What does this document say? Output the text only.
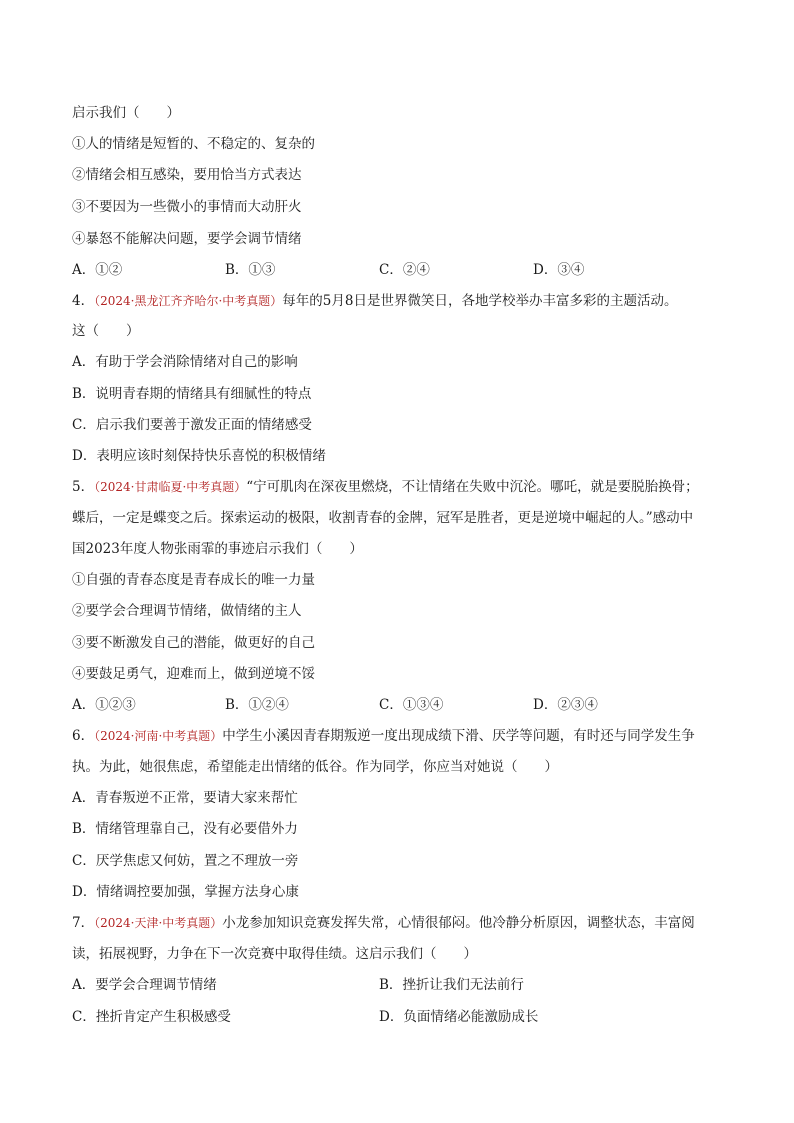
启示我们（　　）
①人的情绪是短暂的、不稳定的、复杂的
②情绪会相互感染，要用恰当方式表达
③不要因为一些微小的事情而大动肝火
④暴怒不能解决问题，要学会调节情绪
A．①②	B．①③	C．②④	D．③④
4．（2024·黑龙江齐齐哈尔·中考真题）每年的5月8日是世界微笑日，各地学校举办丰富多彩的主题活动。
这（　　）
A．有助于学会消除情绪对自己的影响
B．说明青春期的情绪具有细腻性的特点
C．启示我们要善于激发正面的情绪感受
D．表明应该时刻保持快乐喜悦的积极情绪
5．（2024·甘肃临夏·中考真题）“宁可肌肉在深夜里燃烧，不让情绪在失败中沉沦。哪吒，就是要脱胎换骨；
蝶后，一定是蝶变之后。探索运动的极限，收割青春的金牌，冠军是胜者，更是逆境中崛起的人。”感动中
国2023年度人物张雨霏的事迹启示我们（　　）
①自强的青春态度是青春成长的唯一力量
②要学会合理调节情绪，做情绪的主人
③要不断激发自己的潜能，做更好的自己
④要鼓足勇气，迎难而上，做到逆境不馁
A．①②③	B．①②④	C．①③④	D．②③④
6．（2024·河南·中考真题）中学生小溪因青春期叛逆一度出现成绩下滑、厌学等问题，有时还与同学发生争
执。为此，她很焦虑，希望能走出情绪的低谷。作为同学，你应当对她说（　　）
A．青春叛逆不正常，要请大家来帮忙
B．情绪管理靠自己，没有必要借外力
C．厌学焦虑又何妨，置之不理放一旁
D．情绪调控要加强，掌握方法身心康
7．（2024·天津·中考真题）小龙参加知识竞赛发挥失常，心情很郁闷。他冷静分析原因，调整状态，丰富阅
读，拓展视野，力争在下一次竞赛中取得佳绩。这启示我们（　　）
A．要学会合理调节情绪	B．挫折让我们无法前行
C．挫折肯定产生积极感受	D．负面情绪必能激励成长
